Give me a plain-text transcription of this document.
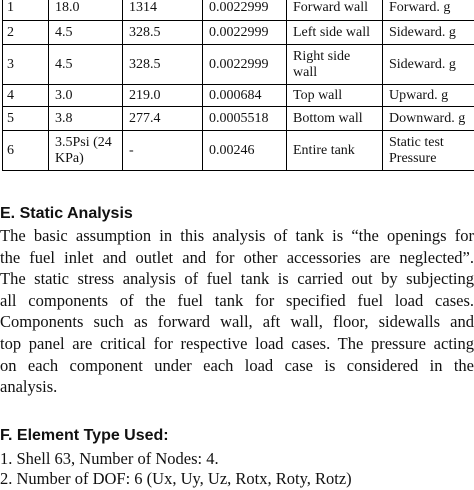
1	18.0	1314	0.0022999	Forward wall	Forward. g
2	4.5	328.5	0.0022999	Left side wall	Sideward. g
3	4.5	328.5	0.0022999	Right side wall	Sideward. g
4	3.0	219.0	0.000684	Top wall	Upward. g
5	3.8	277.4	0.0005518	Bottom wall	Downward. g
6	3.5Psi (24 KPa)	-	0.00246	Entire tank	Static test Pressure
E. Static Analysis
The basic assumption in this analysis of tank is “the openings for
the fuel inlet and outlet and for other accessories are neglected”.
The static stress analysis of fuel tank is carried out by subjecting
all components of the fuel tank for specified fuel load cases.
Components such as forward wall, aft wall, floor, sidewalls and
top panel are critical for respective load cases. The pressure acting
on each component under each load case is considered in the
analysis.
F. Element Type Used:
1. Shell 63, Number of Nodes: 4.
2. Number of DOF: 6 (Ux, Uy, Uz, Rotx, Roty, Rotz)
